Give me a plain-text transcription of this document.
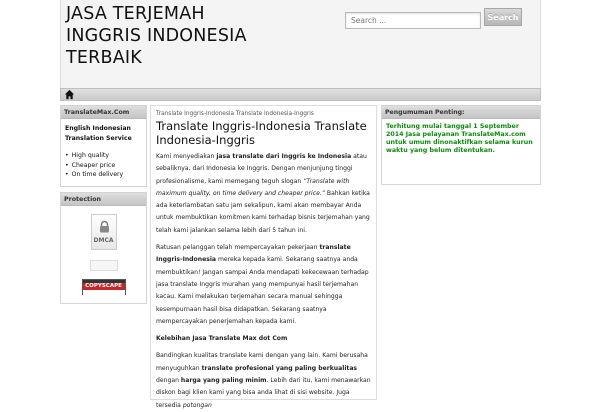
JASA TERJEMAH INGGRIS INDONESIA TERBAIK
Search ...
Search
TranslateMax.Com
English Indonesian
Translation Service
• High quality
• Cheaper price
• On time delivery
Protection
DMCA
COPYSCAPE
Translate Inggris-Indonesia Translate Indonesia-Inggris
Translate Inggris-Indonesia Translate Indonesia-Inggris

Kami menyediakan jasa translate dari Inggris ke Indonesia atau sebaliknya, dari Indonesia ke Inggris. Dengan menjunjung tinggi profesionalisme, kami memegang teguh slogan “Translate with maximum quality, on time delivery and cheaper price.” Bahkan ketika ada keterlambatan satu jam sekalipun, kami akan membayar Anda untuk membuktikan komitmen kami terhadap bisnis terjemahan yang telah kami jalankan selama lebih dari 5 tahun ini.

Ratusan pelanggan telah mempercayakan pekerjaan translate Inggris-Indonesia mereka kepada kami. Sekarang saatnya anda membuktikan! Jangan sampai Anda mendapati kekecewaan terhadap jasa translate Inggris murahan yang mempunyai hasil terjemahan kacau. Kami melakukan terjemahan secara manual sehingga kesempurnaan hasil bisa didapatkan. Sekarang saatnya mempercayakan penerjemahan kepada kami.

Kelebihan Jasa Translate Max dot Com

Bandingkan kualitas translate kami dengan yang lain. Kami berusaha menyuguhkan translate profesional yang paling berkualitas dengan harga yang paling minim. Lebih dari itu, kami menawarkan diskon bagi klien kami yang bisa anda lihat di sisi website. Juga tersedia potongan

Pengumuman Penting:
Terhitung mulai tanggal 1 September 2014 Jasa pelayanan TranslateMax.com untuk umum dinonaktifkan selama kurun waktu yang belum ditentukan.
